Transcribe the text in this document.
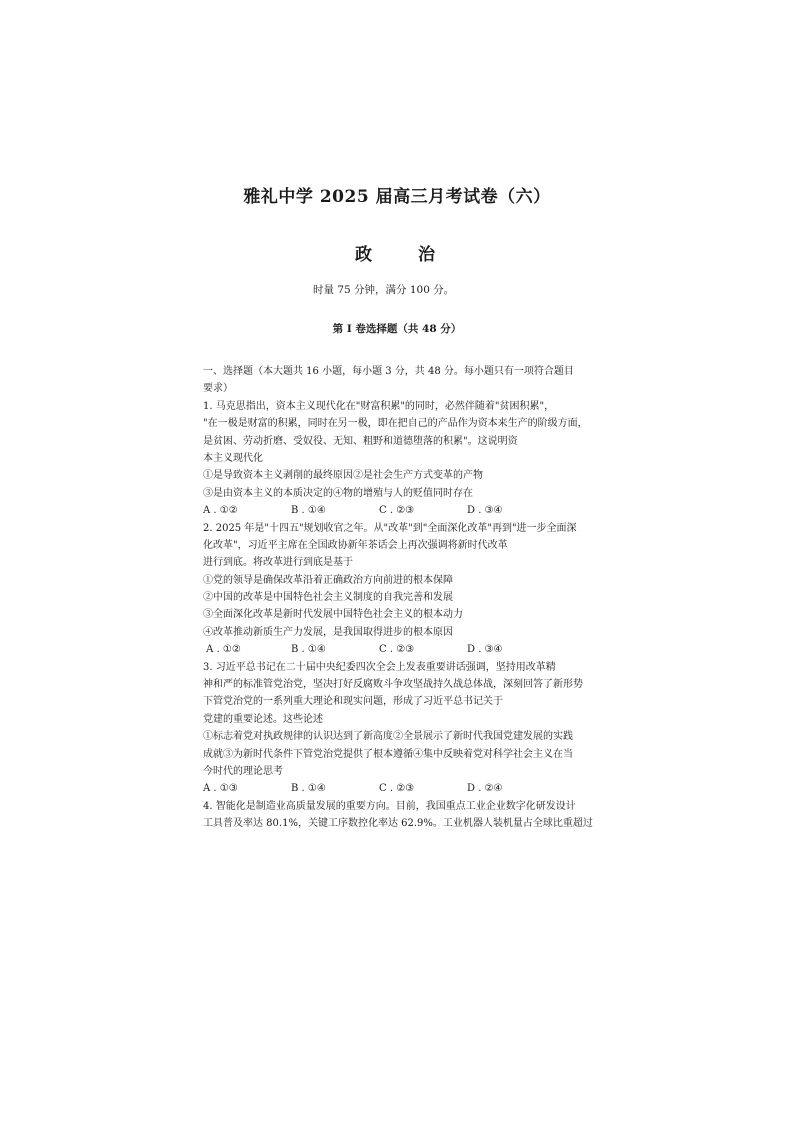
雅礼中学 2025 届高三月考试卷（六）
政　　治
时量 75 分钟，满分 100 分。
第 I 卷选择题（共 48 分）
一、选择题（本大题共 16 小题，每小题 3 分，共 48 分。每小题只有一项符合题目
要求）
1. 马克思指出，资本主义现代化在"财富积累"的同时，必然伴随着"贫困积累"，
"在一极是财富的积累，同时在另一极，即在把自己的产品作为资本来生产的阶级方面，
是贫困、劳动折磨、受奴役、无知、粗野和道德堕落的积累"。这说明资
本主义现代化
①是导致资本主义剥削的最终原因②是社会生产方式变革的产物
③是由资本主义的本质决定的④物的增殖与人的贬值同时存在
A . ①②	B . ①④	C . ②③	D . ③④
2. 2025 年是"十四五"规划收官之年。从"改革"到"全面深化改革"再到"进一步全面深
化改革"，习近平主席在全国政协新年茶话会上再次强调将新时代改革
进行到底。将改革进行到底是基于
①党的领导是确保改革沿着正确政治方向前进的根本保障
②中国的改革是中国特色社会主义制度的自我完善和发展
③全面深化改革是新时代发展中国特色社会主义的根本动力
④改革推动新质生产力发展，是我国取得进步的根本原因
A . ①②	B . ①④	C . ②③	D . ③④
3. 习近平总书记在二十届中央纪委四次全会上发表重要讲话强调，坚持用改革精
神和严的标准管党治党，坚决打好反腐败斗争攻坚战持久战总体战，深刻回答了新形势
下管党治党的一系列重大理论和现实问题，形成了习近平总书记关于
党建的重要论述。这些论述
①标志着党对执政规律的认识达到了新高度②全景展示了新时代我国党建发展的实践
成就③为新时代条件下管党治党提供了根本遵循④集中反映着党对科学社会主义在当
今时代的理论思考
A . ①③	B . ①④	C . ②③	D . ②④
4. 智能化是制造业高质量发展的重要方向。目前，我国重点工业企业数字化研发设计
工具普及率达 80.1%，关键工序数控化率达 62.9%。工业机器人装机量占全球比重超过
